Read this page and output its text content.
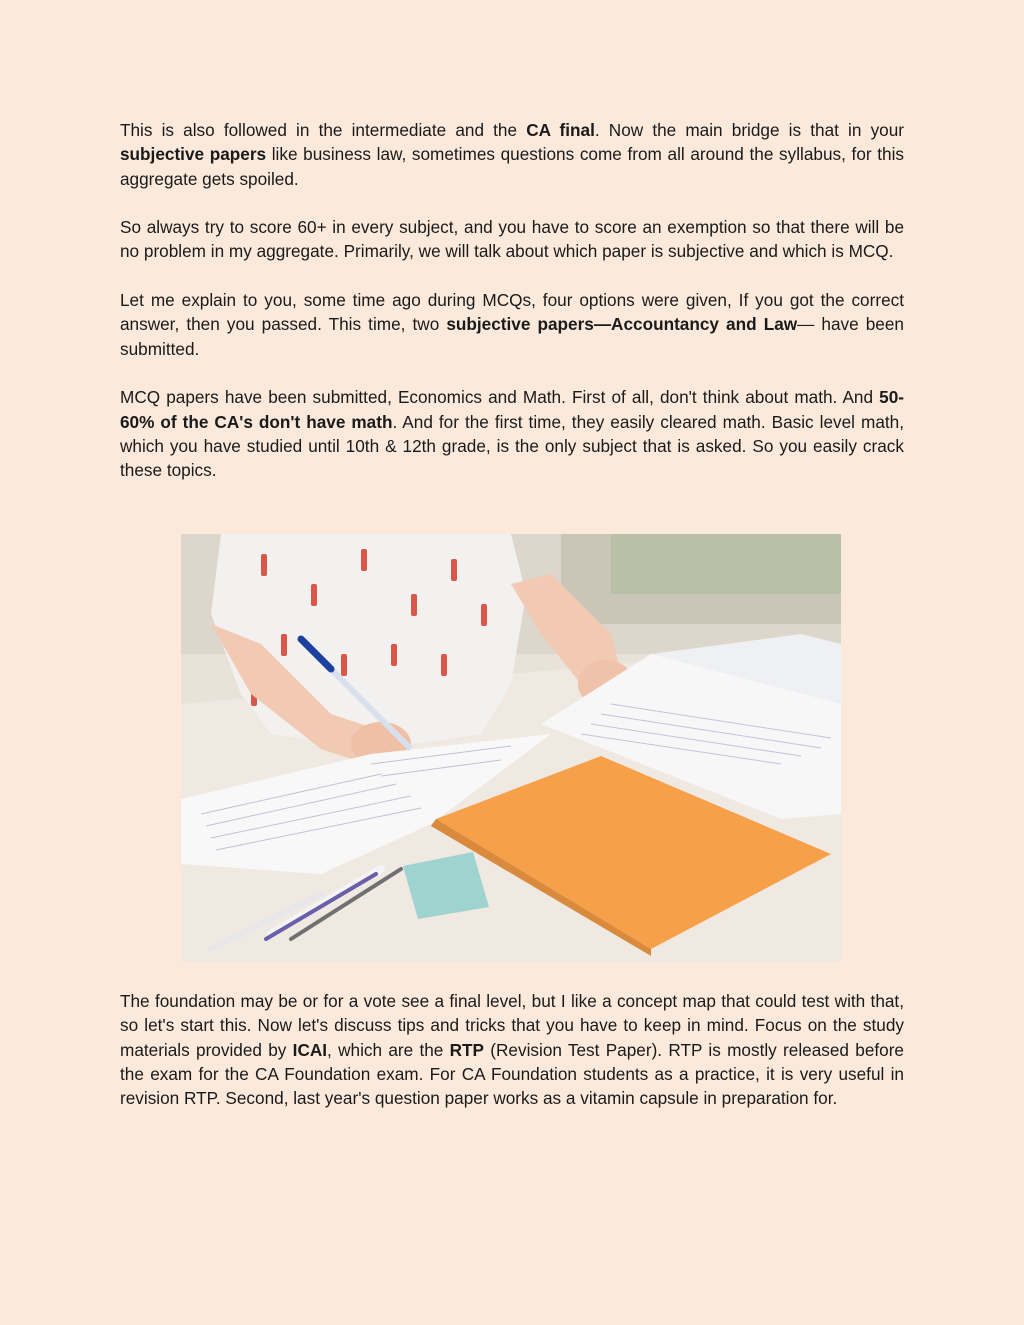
This is also followed in the intermediate and the CA final. Now the main bridge is that in your subjective papers like business law, sometimes questions come from all around the syllabus, for this aggregate gets spoiled.

So always try to score 60+ in every subject, and you have to score an exemption so that there will be no problem in my aggregate. Primarily, we will talk about which paper is subjective and which is MCQ.

Let me explain to you, some time ago during MCQs, four options were given, If you got the correct answer, then you passed. This time, two subjective papers—Accountancy and Law— have been submitted.

MCQ papers have been submitted, Economics and Math. First of all, don't think about math. And 50-60% of the CA's don't have math. And for the first time, they easily cleared math. Basic level math, which you have studied until 10th & 12th grade, is the only subject that is asked. So you easily crack these topics.

The foundation may be or for a vote see a final level, but I like a concept map that could test with that, so let's start this. Now let's discuss tips and tricks that you have to keep in mind. Focus on the study materials provided by ICAI, which are the RTP (Revision Test Paper). RTP is mostly released before the exam for the CA Foundation exam. For CA Foundation students as a practice, it is very useful in revision RTP. Second, last year's question paper works as a vitamin capsule in preparation for.
